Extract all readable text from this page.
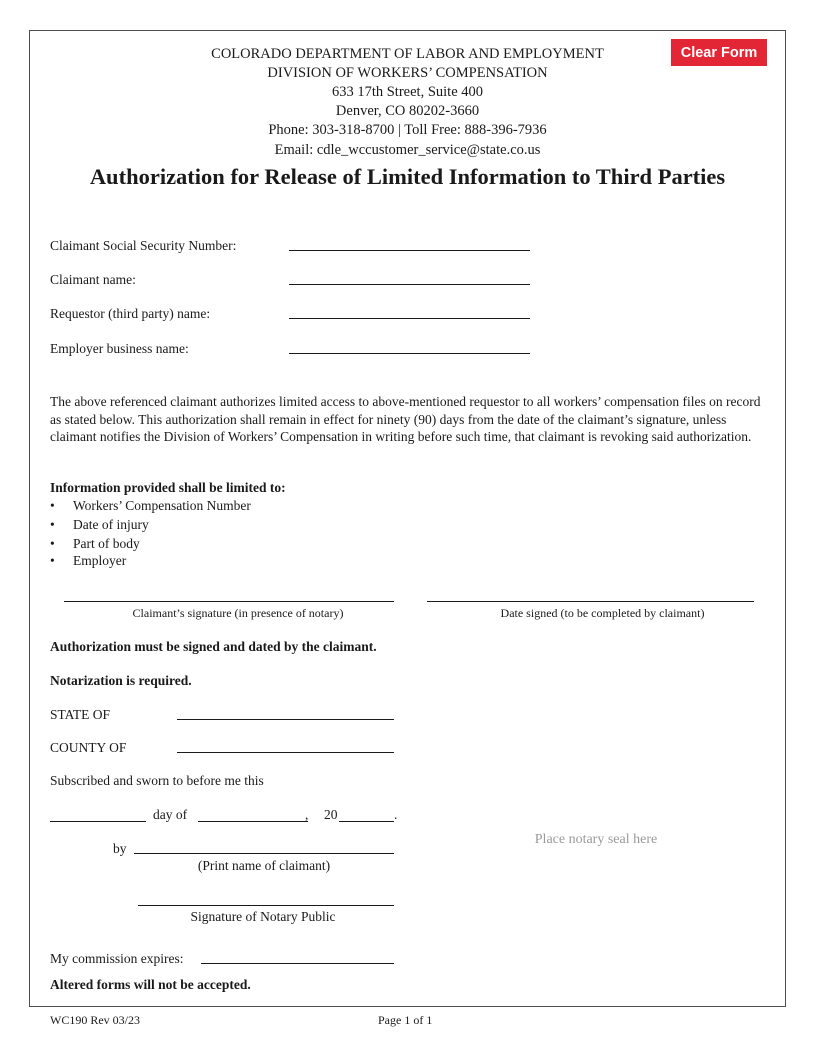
COLORADO DEPARTMENT OF LABOR AND EMPLOYMENT
DIVISION OF WORKERS’ COMPENSATION
633 17th Street, Suite 400
Denver, CO 80202-3660
Phone: 303-318-8700 | Toll Free: 888-396-7936
Email: cdle_wccustomer_service@state.co.us
Clear Form
Authorization for Release of Limited Information to Third Parties
Claimant Social Security Number:
Claimant name:
Requestor (third party) name:
Employer business name:
The above referenced claimant authorizes limited access to above-mentioned requestor to all workers’ compensation files on record as stated below. This authorization shall remain in effect for ninety (90) days from the date of the claimant’s signature, unless claimant notifies the Division of Workers’ Compensation in writing before such time, that claimant is revoking said authorization.
Information provided shall be limited to:
• Workers’ Compensation Number
• Date of injury
• Part of body
• Employer
Claimant’s signature (in presence of notary)	Date signed (to be completed by claimant)
Authorization must be signed and dated by the claimant.
Notarization is required.
STATE OF
COUNTY OF
Subscribed and sworn to before me this
day of	, 20	.
by
(Print name of claimant)
Signature of Notary Public
Place notary seal here
My commission expires:
Altered forms will not be accepted.
WC190 Rev 03/23	Page 1 of 1
